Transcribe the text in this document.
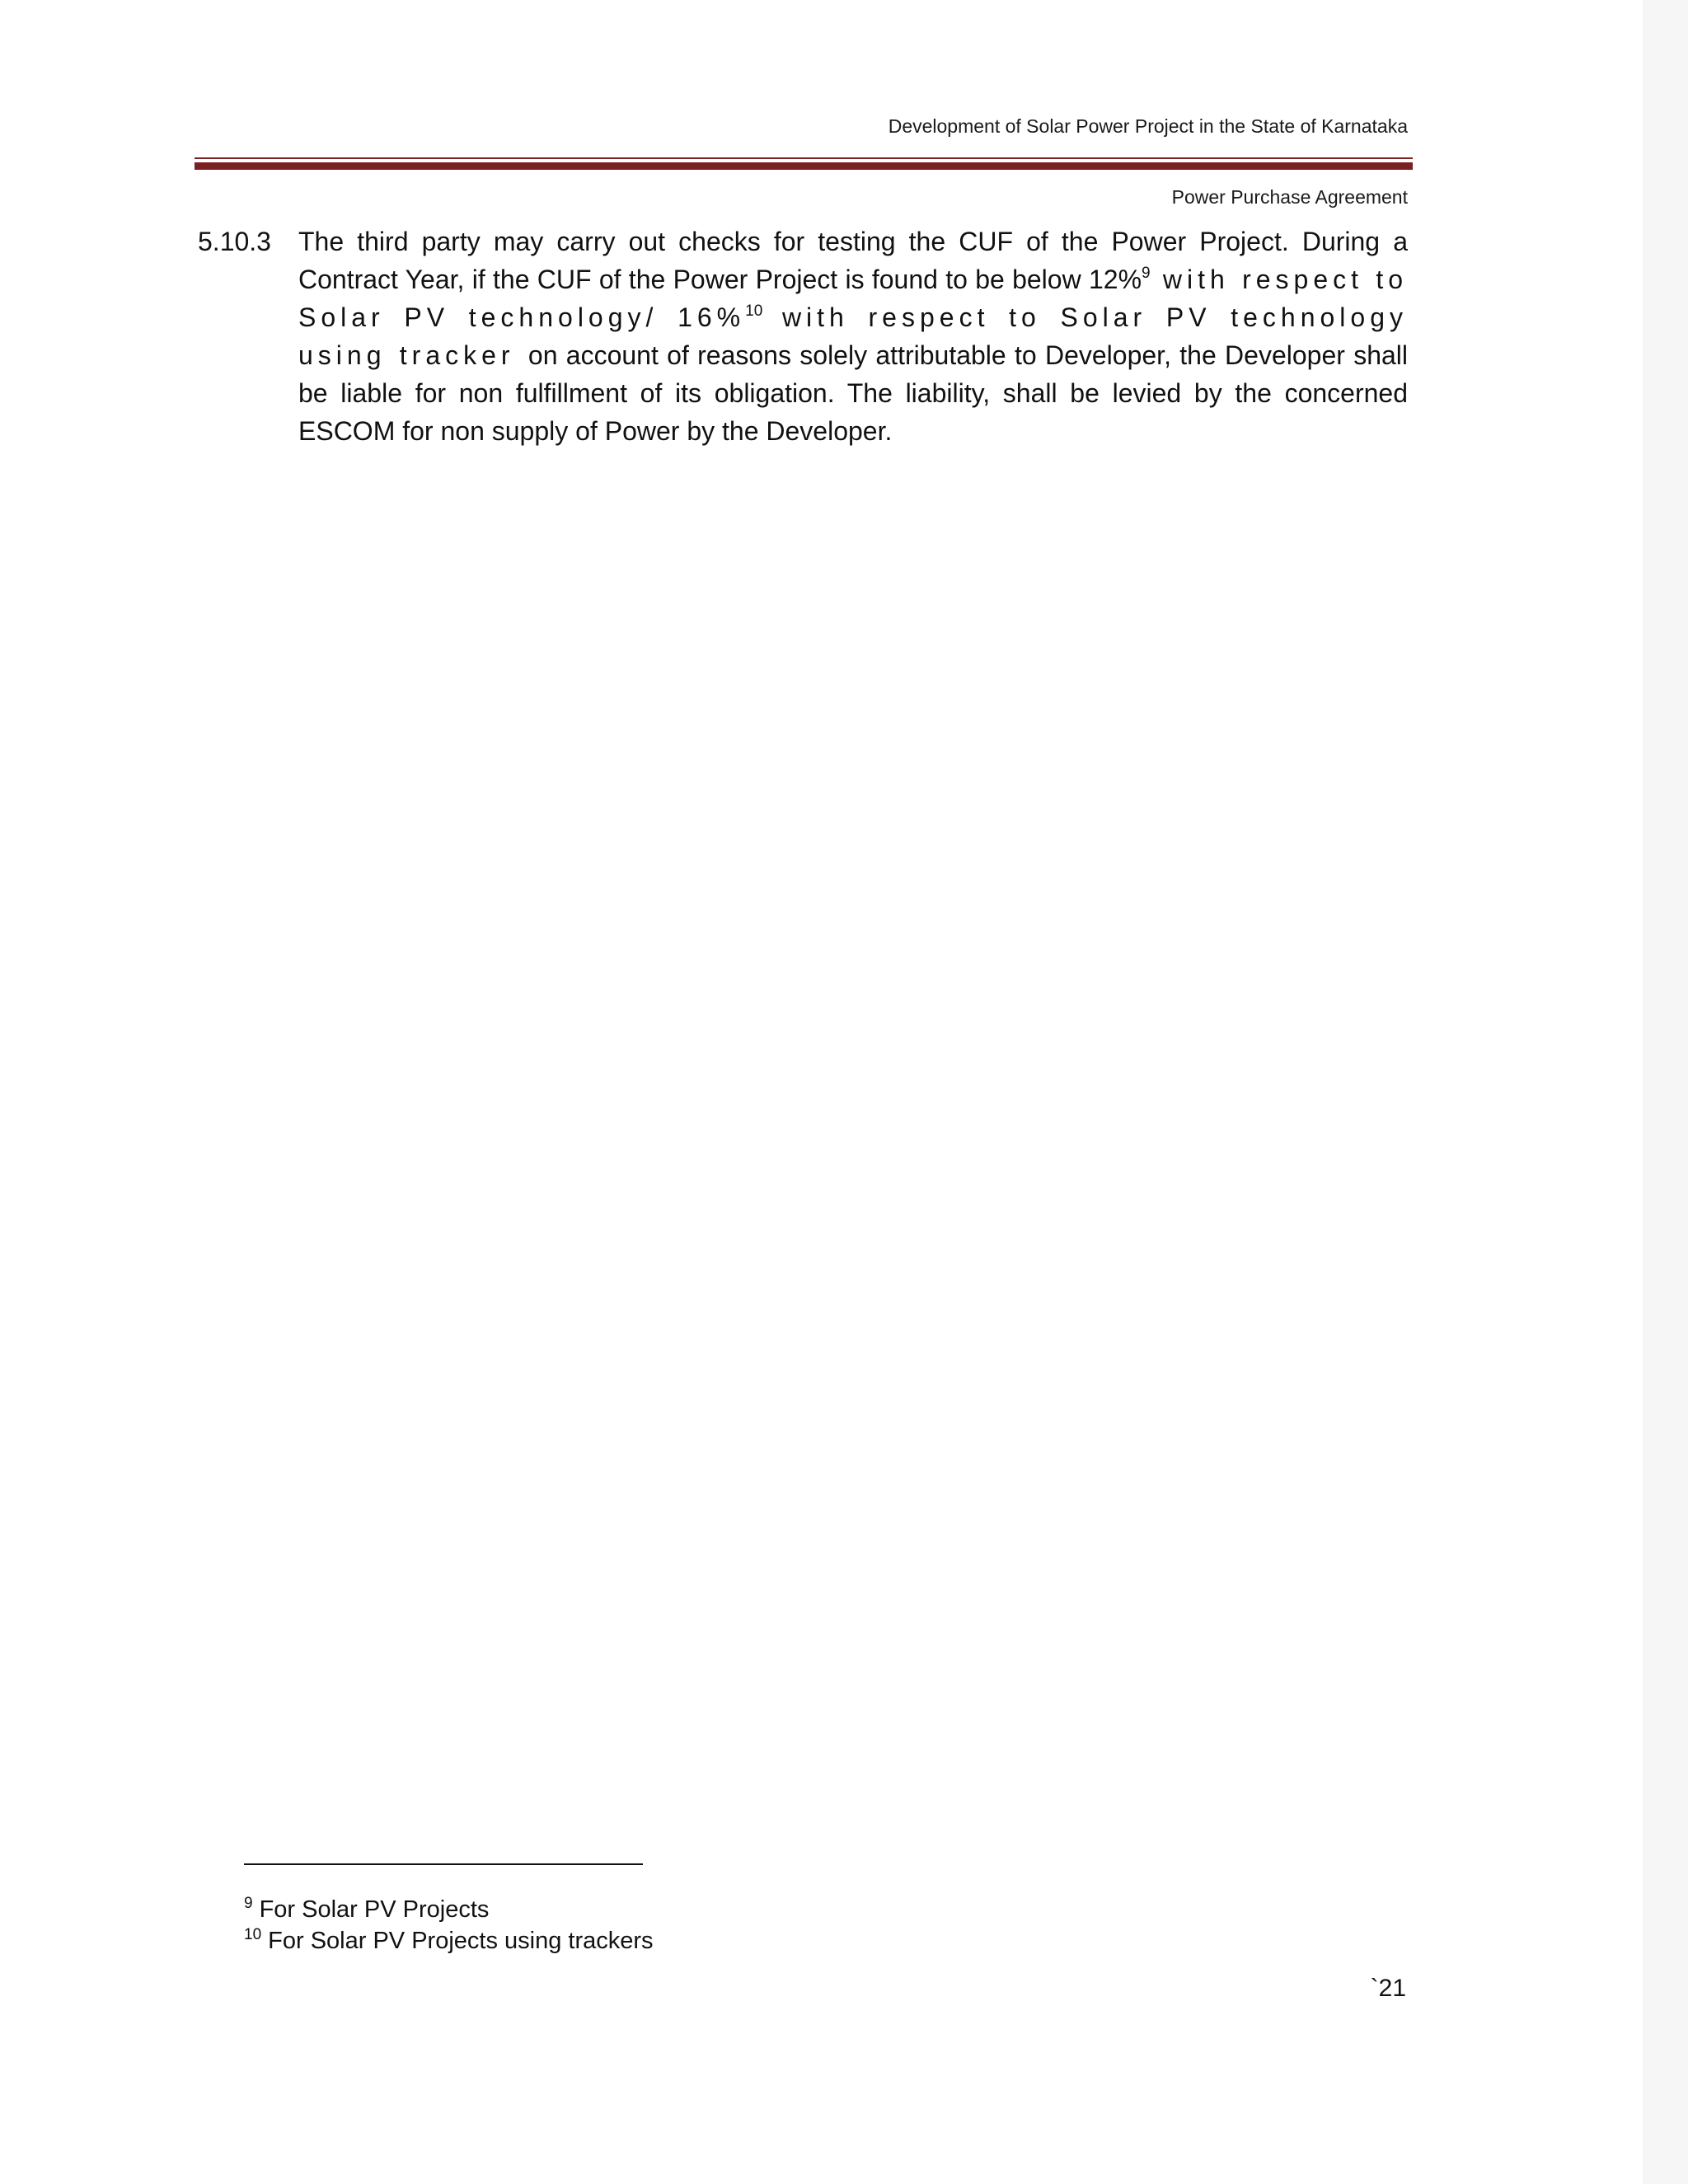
Development of Solar Power Project in the State of Karnataka
Power Purchase Agreement
5.10.3 The third party may carry out checks for testing the CUF of the Power Project. During a Contract Year, if the CUF of the Power Project is found to be below 12%$^9$ with respect to Solar PV technology/ 16%$^{10}$ with respect to Solar PV technology using tracker on account of reasons solely attributable to Developer, the Developer shall be liable for non fulfillment of its obligation. The liability, shall be levied by the concerned ESCOM for non supply of Power by the Developer.
$^9$ For Solar PV Projects
$^{10}$ For Solar PV Projects using trackers
`21
